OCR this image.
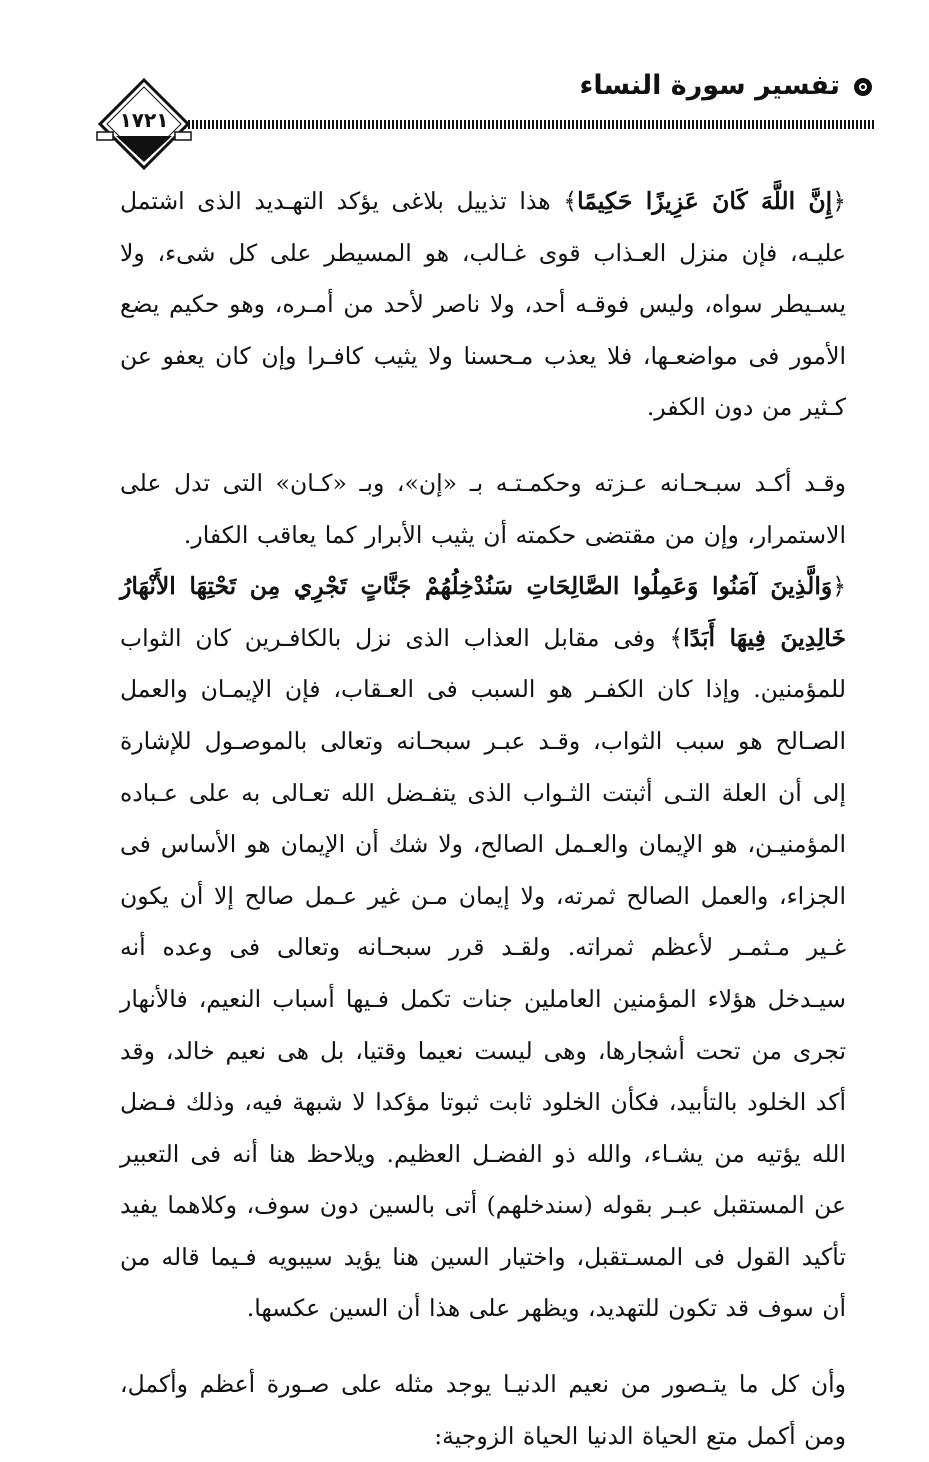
تفسير سورة النساء
١٧٢١

﴿إِنَّ اللَّهَ كَانَ عَزِيزًا حَكِيمًا﴾ هذا تذييل بلاغى يؤكد التهـديد الذى اشتمل عليـه، فإن منزل العـذاب قوى غـالب، هو المسيطر على كل شىء، ولا يسـيطر سواه، وليس فوقـه أحد، ولا ناصر لأحد من أمـره، وهو حكيم يضع الأمور فى مواضعـها، فلا يعذب مـحسنا ولا يثيب كافـرا وإن كان يعفو عن كـثير من دون الكفر.

وقـد أكـد سبـحـانه عـزته وحكمـتـه بـ «إن»، وبـ «كـان» التى تدل على الاستمرار، وإن من مقتضى حكمته أن يثيب الأبرار كما يعاقب الكفار.

﴿وَالَّذِينَ آمَنُوا وَعَمِلُوا الصَّالِحَاتِ سَنُدْخِلُهُمْ جَنَّاتٍ تَجْرِي مِن تَحْتِهَا الأَنْهَارُ خَالِدِينَ فِيهَا أَبَدًا﴾ وفى مقابل العذاب الذى نزل بالكافـرين كان الثواب للمؤمنين. وإذا كان الكفـر هو السبب فى العـقاب، فإن الإيمـان والعمل الصـالح هو سبب الثواب، وقـد عبـر سبحـانه وتعالى بالموصـول للإشارة إلى أن العلة التـى أثبتت الثـواب الذى يتفـضل الله تعـالى به على عـباده المؤمنيـن، هو الإيمان والعـمل الصالح، ولا شك أن الإيمان هو الأساس فى الجزاء، والعمل الصالح ثمرته، ولا إيمان مـن غير عـمل صالح إلا أن يكون غـير مـثمـر لأعظم ثمراته. ولقـد قرر سبحـانه وتعالى فى وعده أنه سيـدخل هؤلاء المؤمنين العاملين جنات تكمل فـيها أسباب النعيم، فالأنهار تجرى من تحت أشجارها، وهى ليست نعيما وقتيا، بل هى نعيم خالد، وقد أكد الخلود بالتأبيد، فكأن الخلود ثابت ثبوتا مؤكدا لا شبهة فيه، وذلك فـضل الله يؤتيه من يشـاء، والله ذو الفضـل العظيم. ويلاحظ هنا أنه فى التعبير عن المستقبل عبـر بقوله (سندخلهم) أتى بالسين دون سوف، وكلاهما يفيد تأكيد القول فى المسـتقبل، واختيار السين هنا يؤيد سيبويه فـيما قاله من أن سوف قد تكون للتهديد، ويظهر على هذا أن السين عكسها.

وأن كل ما يتـصور من نعيم الدنيـا يوجد مثله على صـورة أعظم وأكمل، ومن أكمل متع الحياة الدنيا الحياة الزوجية:
